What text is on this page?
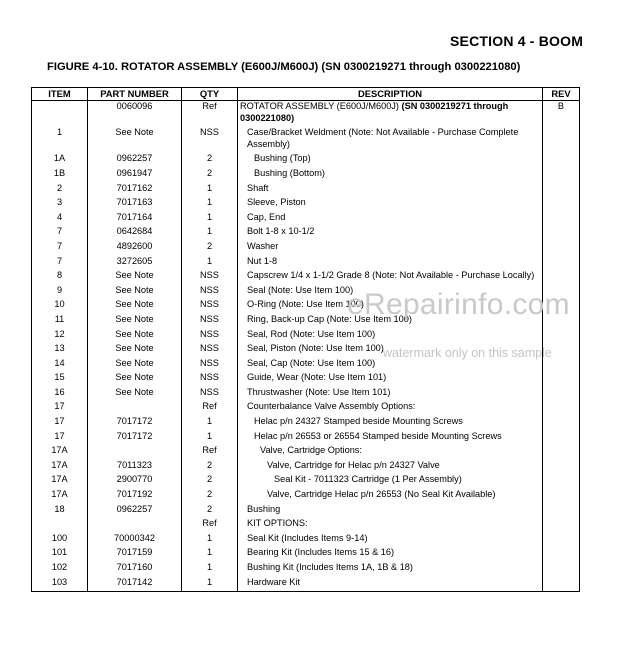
SECTION 4 - BOOM
FIGURE 4-10. ROTATOR ASSEMBLY (E600J/M600J) (SN 0300219271 through 0300221080)
ITEM	PART NUMBER	QTY	DESCRIPTION	REV
	0060096	Ref	ROTATOR ASSEMBLY (E600J/M600J) (SN 0300219271 through 0300221080)	B
1	See Note	NSS	Case/Bracket Weldment (Note: Not Available - Purchase Complete Assembly)	

1A	0962257	2	Bushing (Top)	

1B	0961947	2	Bushing (Bottom)	

2	7017162	1	Shaft	

3	7017163	1	Sleeve, Piston	

4	7017164	1	Cap, End	

7	0642684	1	Bolt 1-8 x 10-1/2	

7	4892600	2	Washer	

7	3272605	1	Nut 1-8	

8	See Note	NSS	Capscrew 1/4 x 1-1/2 Grade 8 (Note: Not Available - Purchase Locally)	

9	See Note	NSS	Seal (Note: Use Item 100)	

10	See Note	NSS	O-Ring (Note: Use Item 100)	

11	See Note	NSS	Ring, Back-up Cap (Note: Use Item 100)	

12	See Note	NSS	Seal, Rod (Note: Use Item 100)	

13	See Note	NSS	Seal, Piston (Note: Use Item 100)	

14	See Note	NSS	Seal, Cap (Note: Use Item 100)	

15	See Note	NSS	Guide, Wear (Note: Use Item 101)	

16	See Note	NSS	Thrustwasher (Note: Use Item 101)	

17		Ref	Counterbalance Valve Assembly Options:	

17	7017172	1	Helac p/n 24327 Stamped beside Mounting Screws	

17	7017172	1	Helac p/n 26553 or 26554 Stamped beside Mounting Screws	

17A		Ref	Valve, Cartridge Options:	

17A	7011323	2	Valve, Cartridge for Helac p/n 24327 Valve	

17A	2900770	2	Seal Kit - 7011323 Cartridge (1 Per Assembly)	

17A	7017192	2	Valve, Cartridge Helac p/n 26553 (No Seal Kit Available)	

18	0962257	2	Bushing	

		Ref	KIT OPTIONS:	

100	70000342	1	Seal Kit (Includes Items 9-14)	

101	7017159	1	Bearing Kit (Includes Items 15 & 16)	

102	7017160	1	Bushing Kit (Includes Items 1A, 1B & 18)	

103	7017142	1	Hardware Kit	

eRepairinfo.com
watermark only on this sample
